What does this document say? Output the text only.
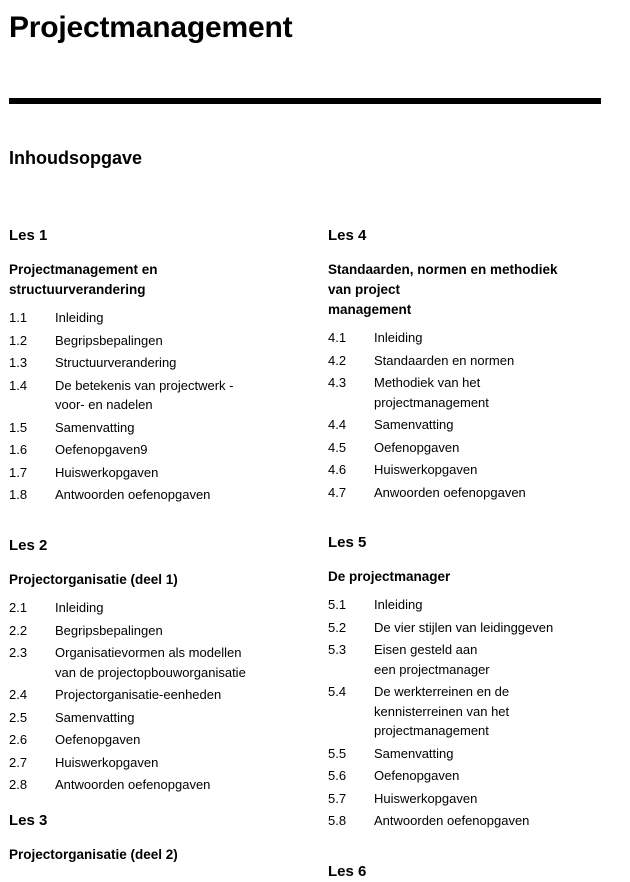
Projectmanagement
Inhoudsopgave
Les 1
Projectmanagement en
structuurverandering
1.1 Inleiding
1.2 Begripsbepalingen
1.3 Structuurverandering
1.4 De betekenis van projectwerk -
voor- en nadelen
1.5 Samenvatting
1.6 Oefenopgaven9
1.7 Huiswerkopgaven
1.8 Antwoorden oefenopgaven
Les 2
Projectorganisatie (deel 1)
2.1 Inleiding
2.2 Begripsbepalingen
2.3 Organisatievormen als modellen
van de projectopbouworganisatie
2.4 Projectorganisatie-eenheden
2.5 Samenvatting
2.6 Oefenopgaven
2.7 Huiswerkopgaven
2.8 Antwoorden oefenopgaven
Les 3
Projectorganisatie (deel 2)
Les 4
Standaarden, normen en methodiek
van project
management
4.1 Inleiding
4.2 Standaarden en normen
4.3 Methodiek van het
projectmanagement
4.4 Samenvatting
4.5 Oefenopgaven
4.6 Huiswerkopgaven
4.7 Anwoorden oefenopgaven
Les 5
De projectmanager
5.1 Inleiding
5.2 De vier stijlen van leidinggeven
5.3 Eisen gesteld aan
een projectmanager
5.4 De werkterreinen en de
kennisterreinen van het
projectmanagement
5.5 Samenvatting
5.6 Oefenopgaven
5.7 Huiswerkopgaven
5.8 Antwoorden oefenopgaven
Les 6
